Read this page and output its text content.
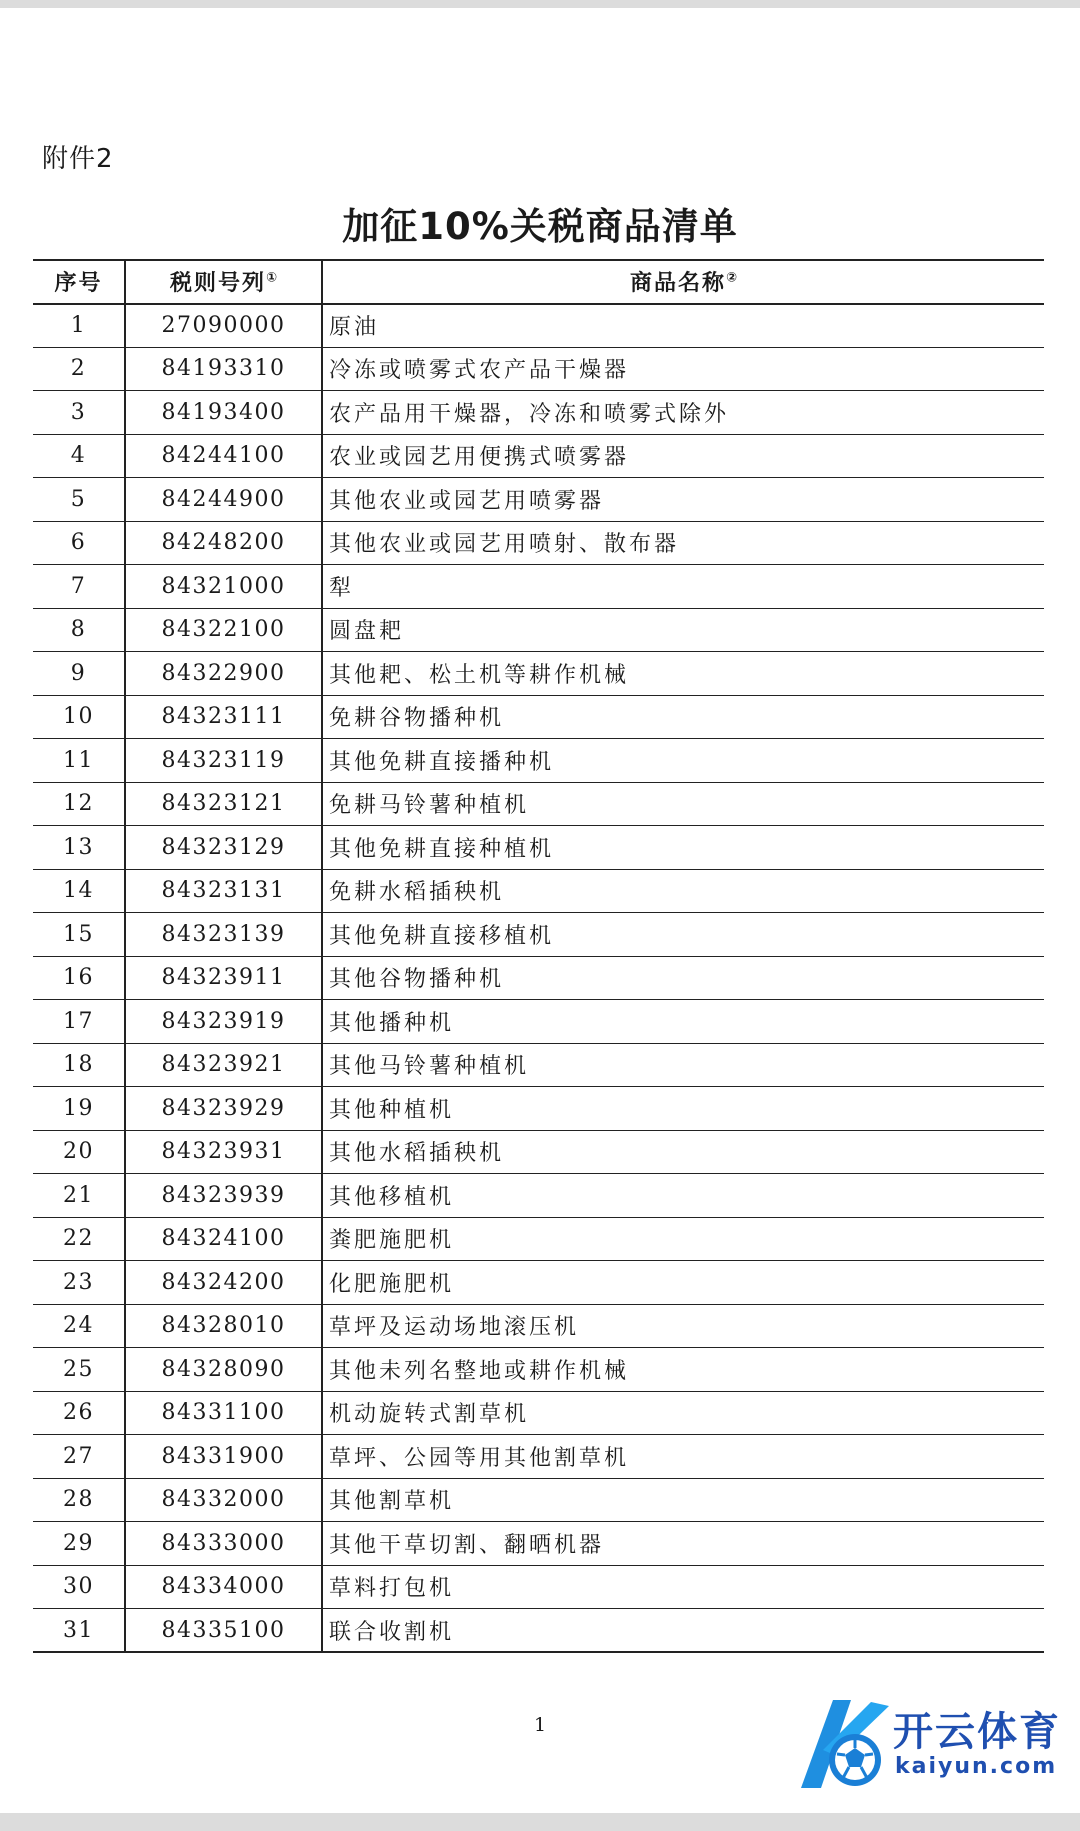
附件2
加征10%关税商品清单
序号	税则号列①	商品名称②
1	27090000	原油
2	84193310	冷冻或喷雾式农产品干燥器
3	84193400	农产品用干燥器，冷冻和喷雾式除外
4	84244100	农业或园艺用便携式喷雾器
5	84244900	其他农业或园艺用喷雾器
6	84248200	其他农业或园艺用喷射、散布器
7	84321000	犁
8	84322100	圆盘耙
9	84322900	其他耙、松土机等耕作机械
10	84323111	免耕谷物播种机
11	84323119	其他免耕直接播种机
12	84323121	免耕马铃薯种植机
13	84323129	其他免耕直接种植机
14	84323131	免耕水稻插秧机
15	84323139	其他免耕直接移植机
16	84323911	其他谷物播种机
17	84323919	其他播种机
18	84323921	其他马铃薯种植机
19	84323929	其他种植机
20	84323931	其他水稻插秧机
21	84323939	其他移植机
22	84324100	粪肥施肥机
23	84324200	化肥施肥机
24	84328010	草坪及运动场地滚压机
25	84328090	其他未列名整地或耕作机械
26	84331100	机动旋转式割草机
27	84331900	草坪、公园等用其他割草机
28	84332000	其他割草机
29	84333000	其他干草切割、翻晒机器
30	84334000	草料打包机
31	84335100	联合收割机
1	开云体育
kaiyun.com
